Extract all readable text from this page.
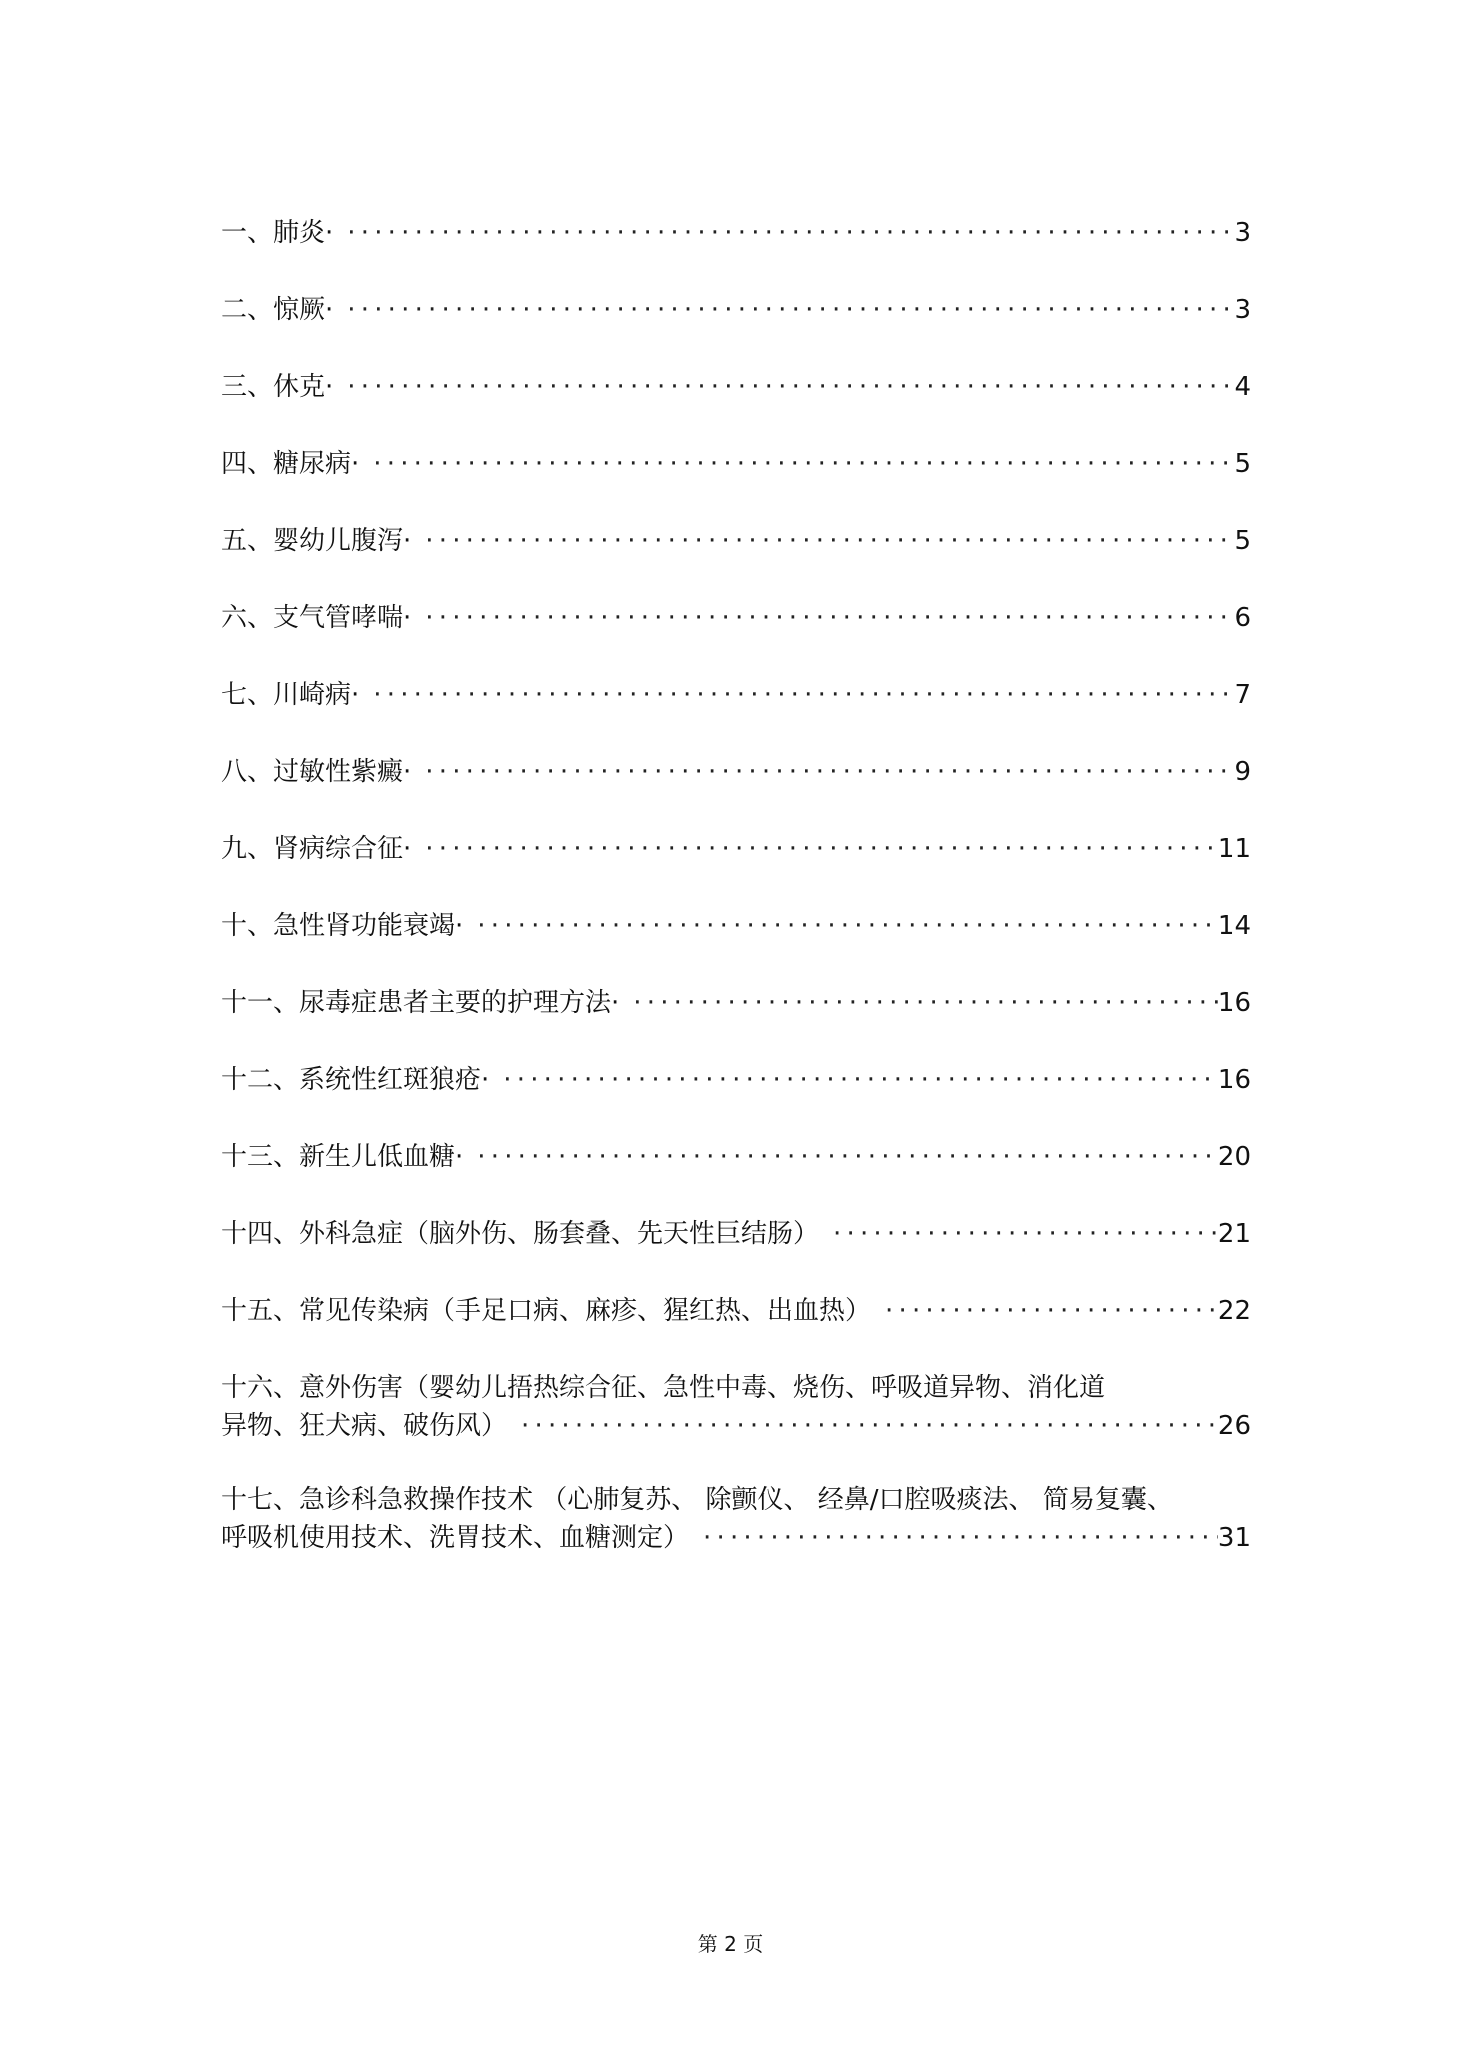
一、肺炎· ·····	3
二、惊厥· ·····	3
三、休克· ·····	4
四、糖尿病· ·····	5
五、婴幼儿腹泻· ·····	5
六、支气管哮喘· ·····	6
七、川崎病· ·····	7
八、过敏性紫癜· ·····	9
九、肾病综合征· ·····	11
十、急性肾功能衰竭· ·····	14
十一、尿毒症患者主要的护理方法· ·····	16
十二、系统性红斑狼疮· ·····	16
十三、新生儿低血糖· ·····	20
十四、外科急症（脑外伤、肠套叠、先天性巨结肠） ·····	21
十五、常见传染病（手足口病、麻疹、猩红热、出血热） ·····	22
十六、意外伤害（婴幼儿捂热综合征、急性中毒、烧伤、呼吸道异物、消化道
异物、狂犬病、破伤风） ·····	26
十七、急诊科急救操作技术 （心肺复苏、 除颤仪、 经鼻/口腔吸痰法、 简易复囊、
呼吸机使用技术、洗胃技术、血糖测定） ·····	31
第 2 页
